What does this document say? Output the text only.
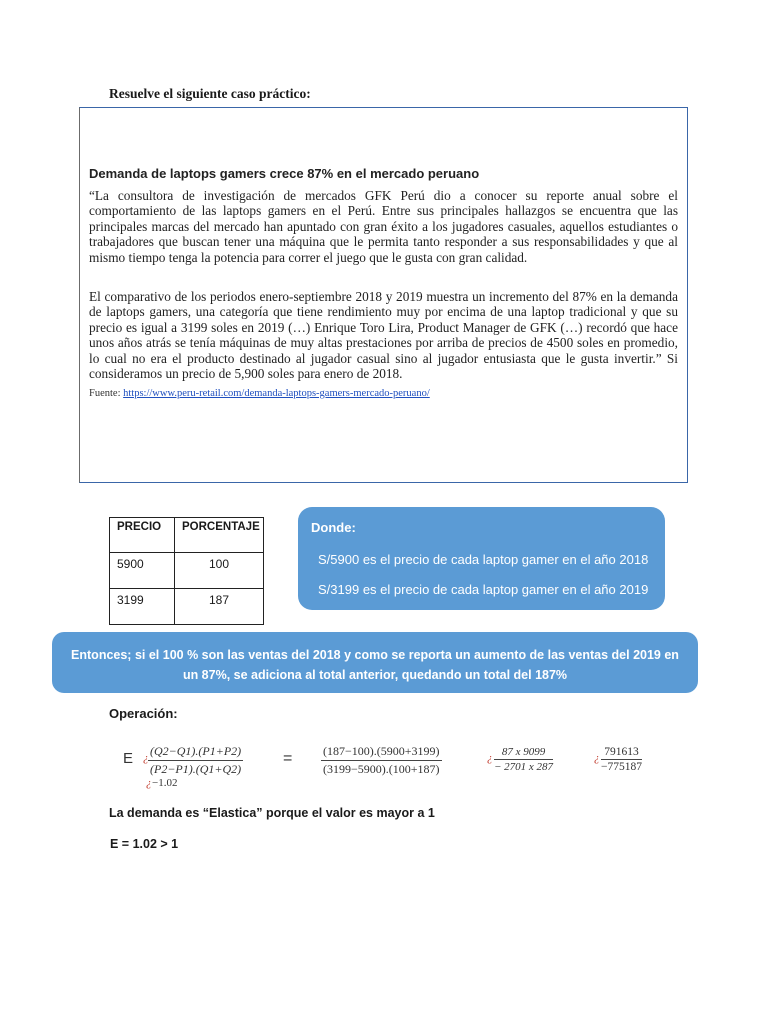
Resuelve el siguiente caso práctico:
Demanda de laptops gamers crece 87% en el mercado peruano
“La consultora de investigación de mercados GFK Perú dio a conocer su reporte anual sobre el comportamiento de las laptops gamers en el Perú. Entre sus principales hallazgos se encuentra que las principales marcas del mercado han apuntado con gran éxito a los jugadores casuales, aquellos estudiantes o trabajadores que buscan tener una máquina que le permita tanto responder a sus responsabilidades y que al mismo tiempo tenga la potencia para correr el juego que le gusta con gran calidad.
El comparativo de los periodos enero-septiembre 2018 y 2019 muestra un incremento del 87% en la demanda de laptops gamers, una categoría que tiene rendimiento muy por encima de una laptop tradicional y que su precio es igual a 3199 soles en 2019 (…) Enrique Toro Lira, Product Manager de GFK (…) recordó que hace unos años atrás se tenía máquinas de muy altas prestaciones por arriba de precios de 4500 soles en promedio, lo cual no era el producto destinado al jugador casual sino al jugador entusiasta que le gusta invertir.” Si consideramos un precio de 5,900 soles para enero de 2018.
Fuente: https://www.peru-retail.com/demanda-laptops-gamers-mercado-peruano/
PRECIO	PORCENTAJE
5900	100
3199	187
Donde:
S/5900 es el precio de cada laptop gamer en el año 2018
S/3199 es el precio de cada laptop gamer en el año 2019
Entonces; si el 100 % son las ventas del 2018 y como se reporta un aumento de las ventas del 2019 en un 87%, se adiciona al total anterior, quedando un total del 187%
Operación:
E ¿ $\frac{(Q2-Q1).(P1+P2)}{(P2-P1).(Q1+Q2)}$
¿ −1.02
= $\frac{(187-100).(5900+3199)}{(3199-5900).(100+187)}$	¿ $\frac{87 x 9099}{- 2701 x 287}$	¿ $\frac{791613}{-775187}$
La demanda es “Elastica” porque el valor es mayor a 1
E = 1.02 > 1
